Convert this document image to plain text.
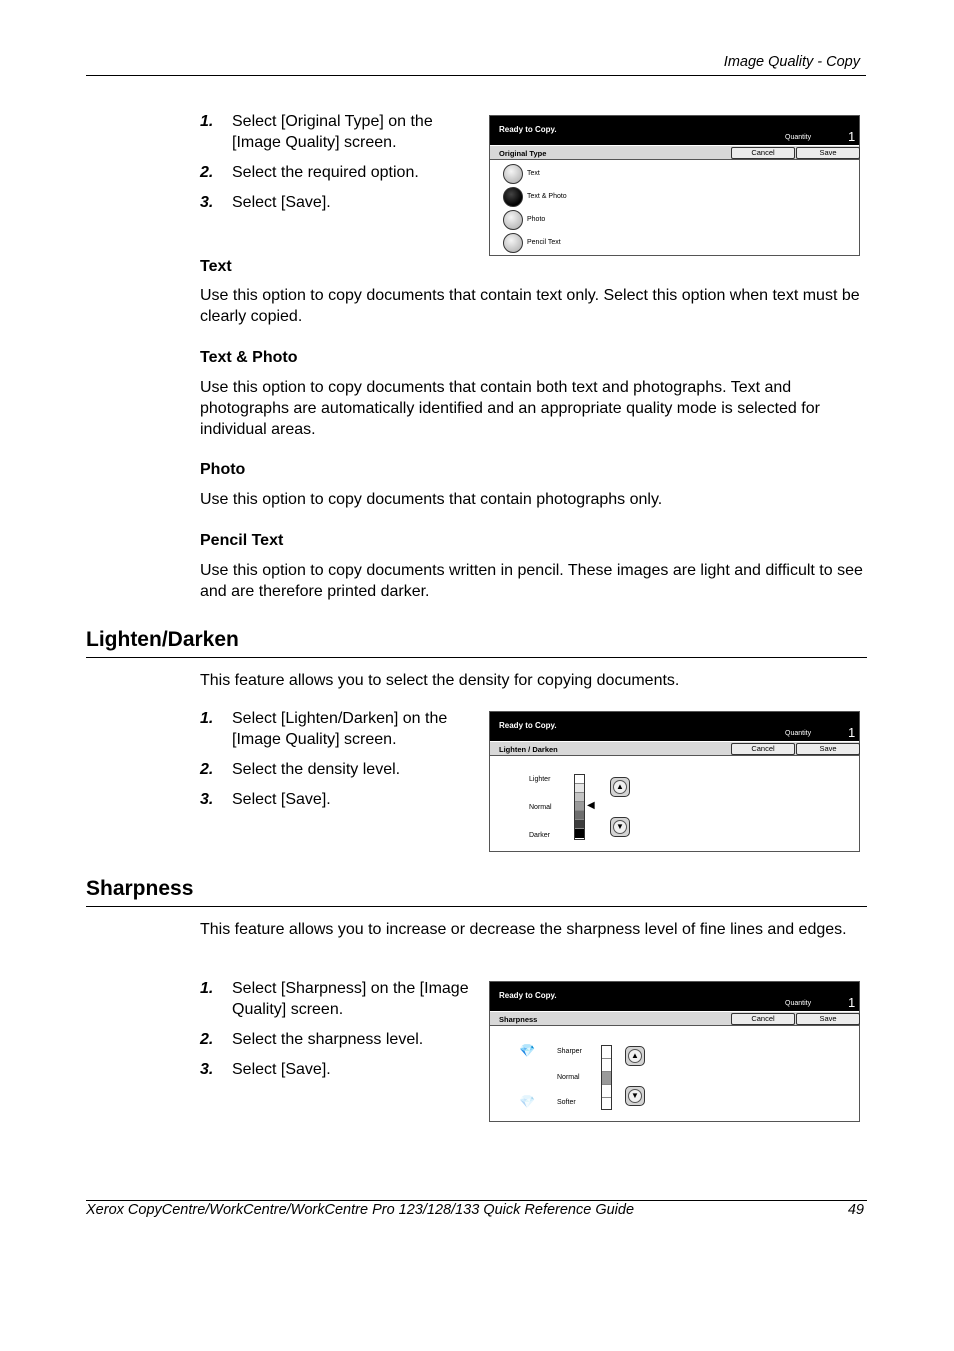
Image Quality - Copy
1. Select [Original Type] on the [Image Quality] screen.
2. Select the required option.
3. Select [Save].
Ready to Copy.
Quantity	1
Original Type	Cancel	Save
Text
Text & Photo
Photo
Pencil Text
Text
Use this option to copy documents that contain text only. Select this option when text must be clearly copied.
Text & Photo
Use this option to copy documents that contain both text and photographs. Text and photographs are automatically identified and an appropriate quality mode is selected for individual areas.
Photo
Use this option to copy documents that contain photographs only.
Pencil Text
Use this option to copy documents written in pencil. These images are light and difficult to see and are therefore printed darker.
Lighten/Darken
This feature allows you to select the density for copying documents.
1. Select [Lighten/Darken] on the [Image Quality] screen.
2. Select the density level.
3. Select [Save].
Ready to Copy.
Quantity	1
Lighten / Darken	Cancel	Save
Lighter
Normal
Darker
◀
▲
▼
Sharpness
This feature allows you to increase or decrease the sharpness level of fine lines and edges.
1. Select [Sharpness] on the [Image Quality] screen.
2. Select the sharpness level.
3. Select [Save].
Ready to Copy.
Quantity	1
Sharpness	Cancel	Save
💎
💎
Sharper
Normal
Softer
▲
▼
Xerox CopyCentre/WorkCentre/WorkCentre Pro 123/128/133 Quick Reference Guide	49
